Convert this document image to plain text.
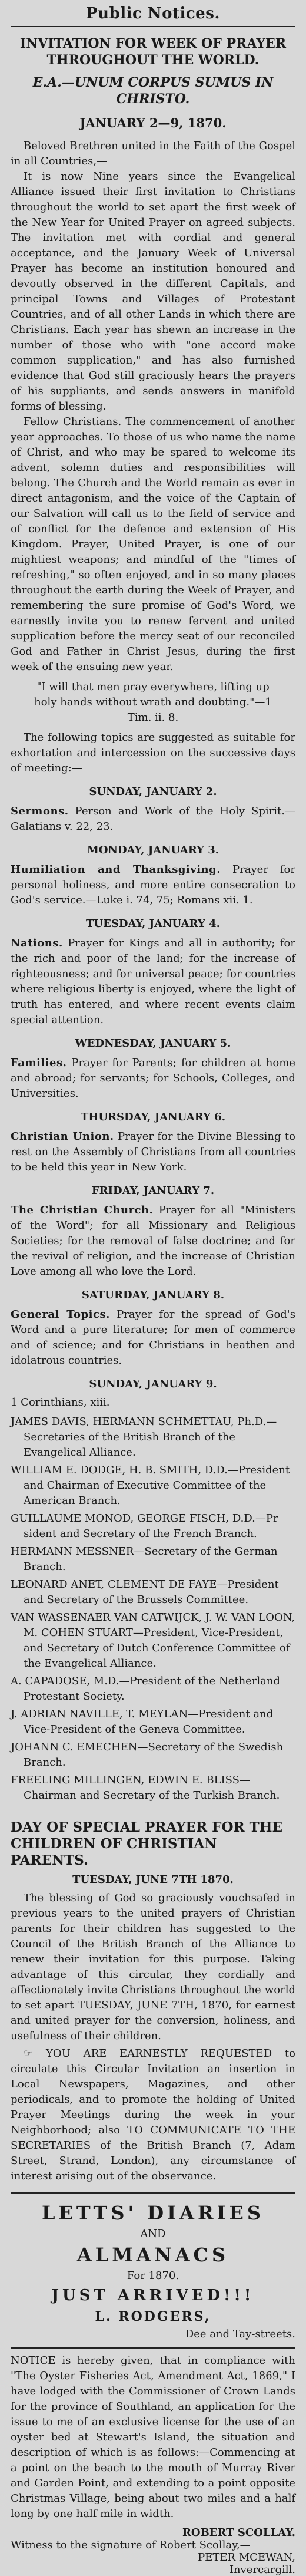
Public Notices.
INVITATION FOR WEEK OF PRAYER THROUGHOUT THE WORLD.
E.A.—UNUM CORPUS SUMUS IN CHRISTO.
JANUARY 2—9, 1870.

Beloved Brethren united in the Faith of the Gospel in all Countries,—

It is now Nine years since the Evangelical Alliance issued their first invitation to Christians throughout the world to set apart the first week of the New Year for United Prayer on agreed subjects. The invitation met with cordial and general acceptance, and the January Week of Universal Prayer has become an institution honoured and devoutly observed in the different Capitals, and principal Towns and Villages of Protestant Countries, and of all other Lands in which there are Christians. Each year has shewn an increase in the number of those who with "one accord make common supplication," and has also furnished evidence that God still graciously hears the prayers of his suppliants, and sends answers in manifold forms of blessing.

Fellow Christians. The commencement of another year approaches. To those of us who name the name of Christ, and who may be spared to welcome its advent, solemn duties and responsibilities will belong. The Church and the World remain as ever in direct antagonism, and the voice of the Captain of our Salvation will call us to the field of service and of conflict for the defence and extension of His Kingdom. Prayer, United Prayer, is one of our mightiest weapons; and mindful of the "times of refreshing," so often enjoyed, and in so many places throughout the earth during the Week of Prayer, and remembering the sure promise of God's Word, we earnestly invite you to renew fervent and united supplication before the mercy seat of our reconciled God and Father in Christ Jesus, during the first week of the ensuing new year.

"I will that men pray everywhere, lifting up holy hands without wrath and doubting."—1 Tim. ii. 8.

The following topics are suggested as suitable for exhortation and intercession on the successive days of meeting:—

SUNDAY, JANUARY 2.
Sermons. Person and Work of the Holy Spirit.—Galatians v. 22, 23.
MONDAY, JANUARY 3.
Humiliation and Thanksgiving. Prayer for personal holiness, and more entire consecration to God's service.—Luke i. 74, 75; Romans xii. 1.
TUESDAY, JANUARY 4.
Nations. Prayer for Kings and all in authority; for the rich and poor of the land; for the increase of righteousness; and for universal peace; for countries where religious liberty is enjoyed, where the light of truth has entered, and where recent events claim special attention.
WEDNESDAY, JANUARY 5.
Families. Prayer for Parents; for children at home and abroad; for servants; for Schools, Colleges, and Universities.
THURSDAY, JANUARY 6.
Christian Union. Prayer for the Divine Blessing to rest on the Assembly of Christians from all countries to be held this year in New York.
FRIDAY, JANUARY 7.
The Christian Church. Prayer for all "Ministers of the Word"; for all Missionary and Religious Societies; for the removal of false doctrine; and for the revival of religion, and the increase of Christian Love among all who love the Lord.
SATURDAY, JANUARY 8.
General Topics. Prayer for the spread of God's Word and a pure literature; for men of commerce and of science; and for Christians in heathen and idolatrous countries.
SUNDAY, JANUARY 9.
1 Corinthians, xiii.

JAMES DAVIS, HERMANN SCHMETTAU, Ph.D.—Secretaries of the British Branch of the Evangelical Alliance.

WILLIAM E. DODGE, H. B. SMITH, D.D.—President and Chairman of Executive Committee of the American Branch.

GUILLAUME MONOD, GEORGE FISCH, D.D.—Pr sident and Secretary of the French Branch.

HERMANN MESSNER—Secretary of the German Branch.

LEONARD ANET, CLEMENT DE FAYE—President and Secretary of the Brussels Committee.

VAN WASSENAER VAN CATWIJCK, J. W. VAN LOON, M. COHEN STUART—President, Vice-President, and Secretary of Dutch Conference Committee of the Evangelical Alliance.

A. CAPADOSE, M.D.—President of the Netherland Protestant Society.

J. ADRIAN NAVILLE, T. MEYLAN—President and Vice-President of the Geneva Committee.

JOHANN C. EMECHEN—Secretary of the Swedish Branch.

FREELING MILLINGEN, EDWIN E. BLISS—Chairman and Secretary of the Turkish Branch.

DAY OF SPECIAL PRAYER FOR THE CHILDREN OF CHRISTIAN PARENTS.
TUESDAY, JUNE 7TH 1870.

The blessing of God so graciously vouchsafed in previous years to the united prayers of Christian parents for their children has suggested to the Council of the British Branch of the Alliance to renew their invitation for this purpose. Taking advantage of this circular, they cordially and affectionately invite Christians throughout the world to set apart TUESDAY, JUNE 7TH, 1870, for earnest and united prayer for the conversion, holiness, and usefulness of their children.

☞ YOU ARE EARNESTLY REQUESTED to circulate this Circular Invitation an insertion in Local Newspapers, Magazines, and other periodicals, and to promote the holding of United Prayer Meetings during the week in your Neighborhood; also TO COMMUNICATE TO THE SECRETARIES of the British Branch (7, Adam Street, Strand, London), any circumstance of interest arising out of the observance.

LETTS' DIARIES
AND
ALMANACS
For 1870.
JUST ARRIVED!!!
L. RODGERS,
Dee and Tay-streets.

NOTICE is hereby given, that in compliance with "The Oyster Fisheries Act, Amendment Act, 1869," I have lodged with the Commissioner of Crown Lands for the province of Southland, an application for the issue to me of an exclusive license for the use of an oyster bed at Stewart's Island, the situation and description of which is as follows:—Commencing at a point on the beach to the mouth of Murray River and Garden Point, and extending to a point opposite Christmas Village, being about two miles and a half long by one half mile in width.

ROBERT SCOLLAY.
Witness to the signature of Robert Scollay,—
PETER MCEWAN,
Invercargill.
